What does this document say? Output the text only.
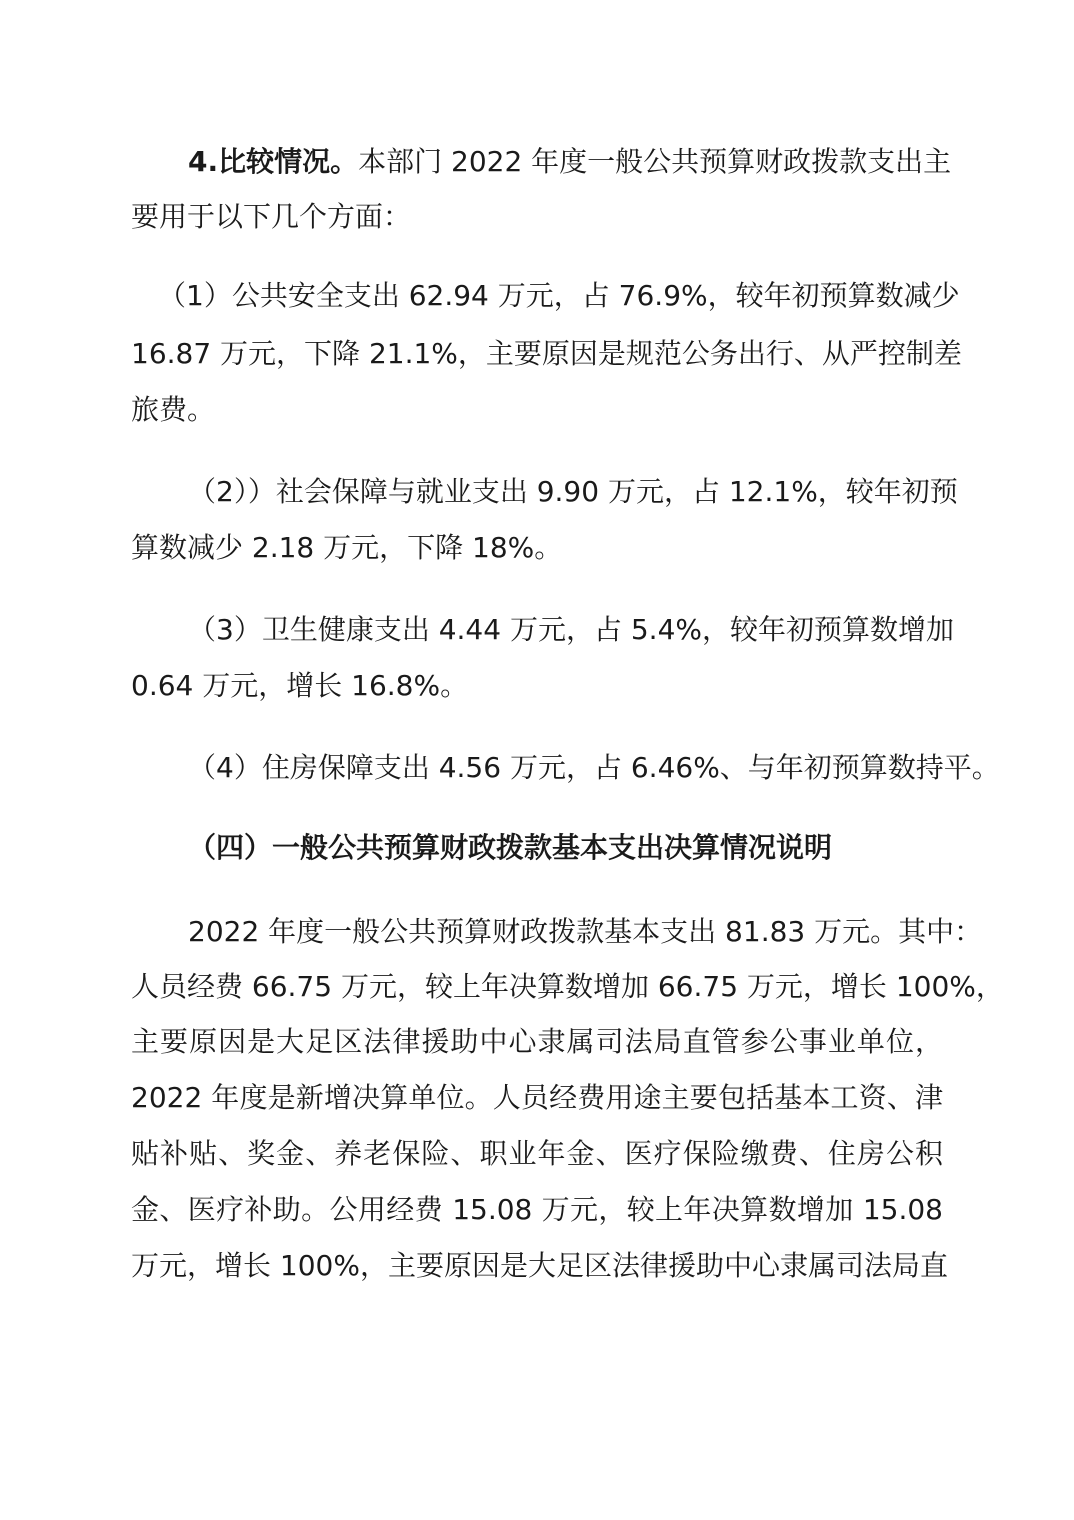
4.比较情况。本部门 2022 年度一般公共预算财政拨款支出主
要用于以下几个方面：
（1）公共安全支出 62.94 万元，占 76.9%，较年初预算数减少
16.87 万元，下降 21.1%，主要原因是规范公务出行、从严控制差
旅费。
（2））社会保障与就业支出 9.90 万元，占 12.1%，较年初预
算数减少 2.18 万元，下降 18%。
（3）卫生健康支出 4.44 万元，占 5.4%，较年初预算数增加
0.64 万元，增长 16.8%。
（4）住房保障支出 4.56 万元，占 6.46%、与年初预算数持平。
（四）一般公共预算财政拨款基本支出决算情况说明
2022 年度一般公共预算财政拨款基本支出 81.83 万元。其中：
人员经费 66.75 万元，较上年决算数增加 66.75 万元，增长 100%，
主要原因是大足区法律援助中心隶属司法局直管参公事业单位，
2022 年度是新增决算单位。人员经费用途主要包括基本工资、津
贴补贴、奖金、养老保险、职业年金、医疗保险缴费、住房公积
金、医疗补助。公用经费 15.08 万元，较上年决算数增加 15.08
万元，增长 100%，主要原因是大足区法律援助中心隶属司法局直
